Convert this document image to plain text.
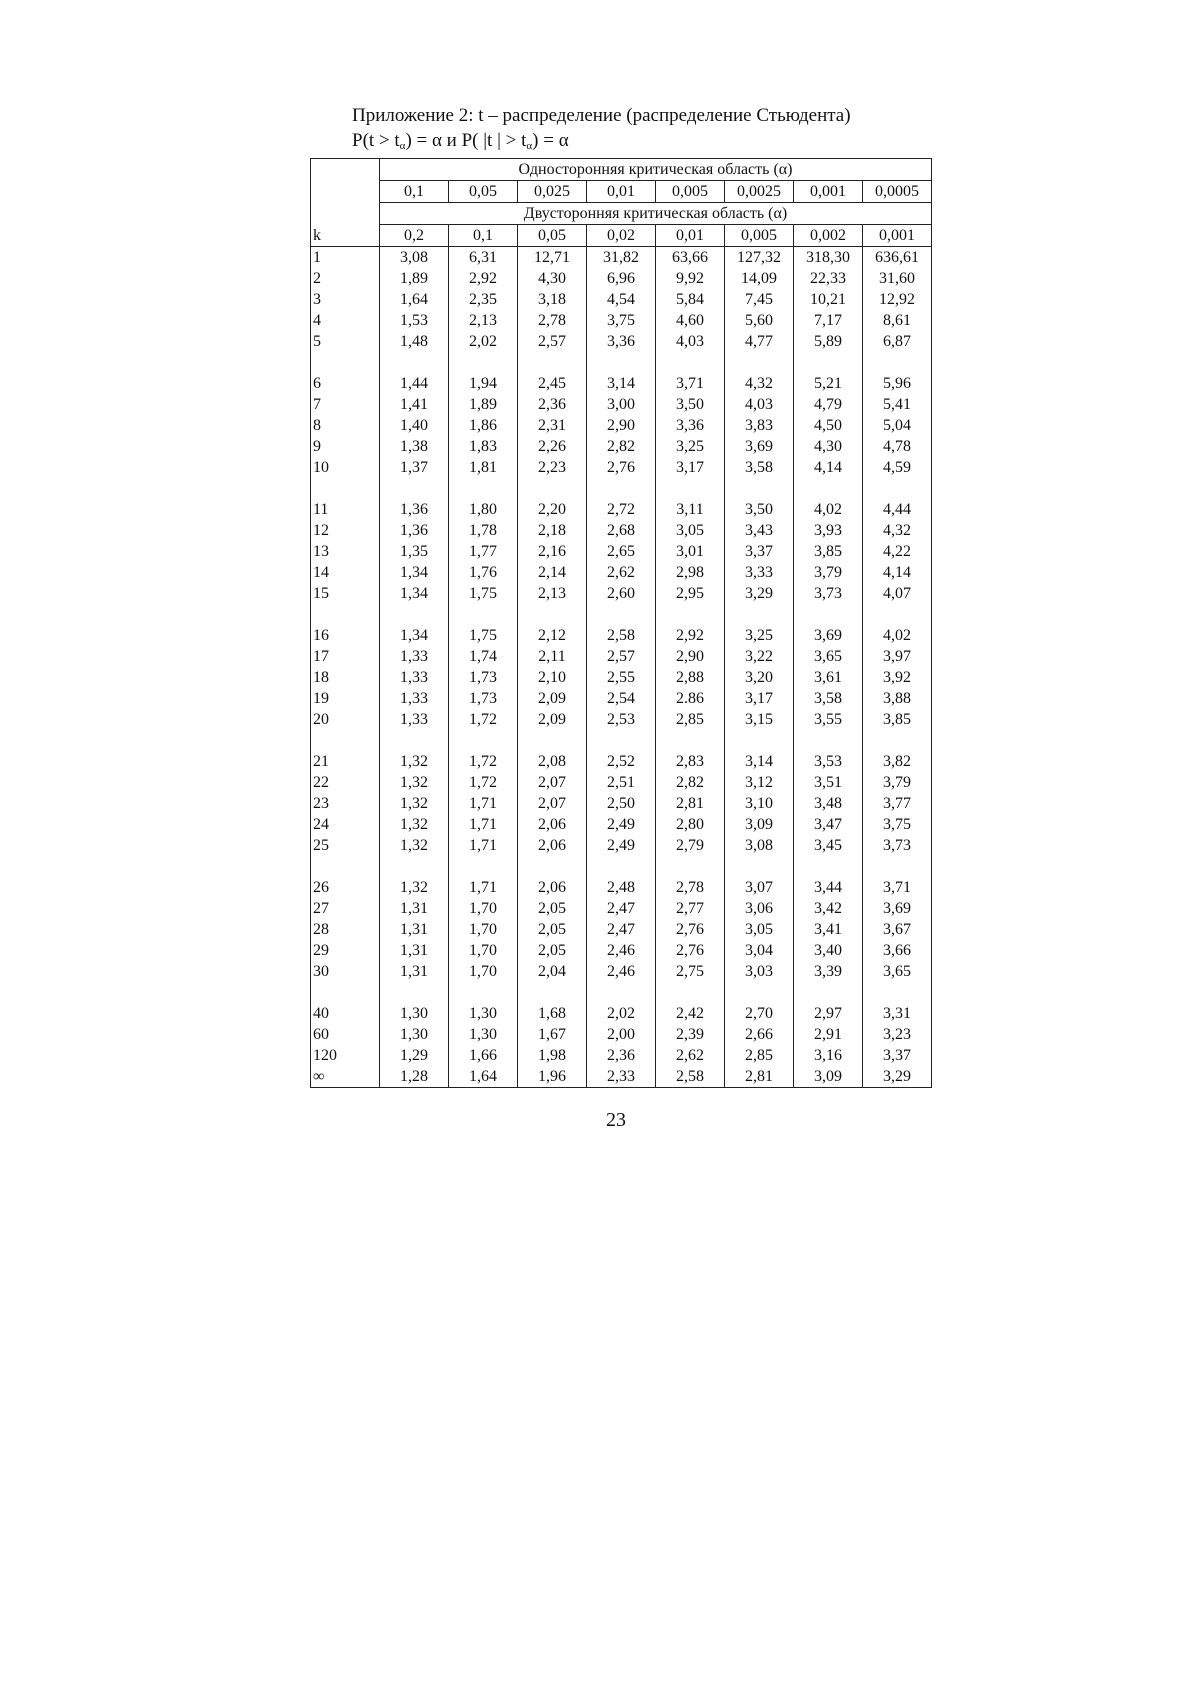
Приложение 2: t – распределение (распределение Стьюдента)
$P(t > t_\alpha) = \alpha$ и P( |t | > $t_\alpha) = \alpha$
	Односторонняя критическая область (α)							
	0,1	0,05	0,025	0,01	0,005	0,0025	0,001	0,0005
	Двусторонняя критическая область (α)							
k	0,2	0,1	0,05	0,02	0,01	0,005	0,002	0,001
1	3,08	6,31	12,71	31,82	63,66	127,32	318,30	636,61
2	1,89	2,92	4,30	6,96	9,92	14,09	22,33	31,60
3	1,64	2,35	3,18	4,54	5,84	7,45	10,21	12,92
4	1,53	2,13	2,78	3,75	4,60	5,60	7,17	8,61
5	1,48	2,02	2,57	3,36	4,03	4,77	5,89	6,87

6	1,44	1,94	2,45	3,14	3,71	4,32	5,21	5,96
7	1,41	1,89	2,36	3,00	3,50	4,03	4,79	5,41
8	1,40	1,86	2,31	2,90	3,36	3,83	4,50	5,04
9	1,38	1,83	2,26	2,82	3,25	3,69	4,30	4,78
10	1,37	1,81	2,23	2,76	3,17	3,58	4,14	4,59

11	1,36	1,80	2,20	2,72	3,11	3,50	4,02	4,44
12	1,36	1,78	2,18	2,68	3,05	3,43	3,93	4,32
13	1,35	1,77	2,16	2,65	3,01	3,37	3,85	4,22
14	1,34	1,76	2,14	2,62	2,98	3,33	3,79	4,14
15	1,34	1,75	2,13	2,60	2,95	3,29	3,73	4,07

16	1,34	1,75	2,12	2,58	2,92	3,25	3,69	4,02
17	1,33	1,74	2,11	2,57	2,90	3,22	3,65	3,97
18	1,33	1,73	2,10	2,55	2,88	3,20	3,61	3,92
19	1,33	1,73	2,09	2,54	2.86	3,17	3,58	3,88
20	1,33	1,72	2,09	2,53	2,85	3,15	3,55	3,85

21	1,32	1,72	2,08	2,52	2,83	3,14	3,53	3,82
22	1,32	1,72	2,07	2,51	2,82	3,12	3,51	3,79
23	1,32	1,71	2,07	2,50	2,81	3,10	3,48	3,77
24	1,32	1,71	2,06	2,49	2,80	3,09	3,47	3,75
25	1,32	1,71	2,06	2,49	2,79	3,08	3,45	3,73

26	1,32	1,71	2,06	2,48	2,78	3,07	3,44	3,71
27	1,31	1,70	2,05	2,47	2,77	3,06	3,42	3,69
28	1,31	1,70	2,05	2,47	2,76	3,05	3,41	3,67
29	1,31	1,70	2,05	2,46	2,76	3,04	3,40	3,66
30	1,31	1,70	2,04	2,46	2,75	3,03	3,39	3,65

40	1,30	1,30	1,68	2,02	2,42	2,70	2,97	3,31
60	1,30	1,30	1,67	2,00	2,39	2,66	2,91	3,23
120	1,29	1,66	1,98	2,36	2,62	2,85	3,16	3,37
∞	1,28	1,64	1,96	2,33	2,58	2,81	3,09	3,29
23
